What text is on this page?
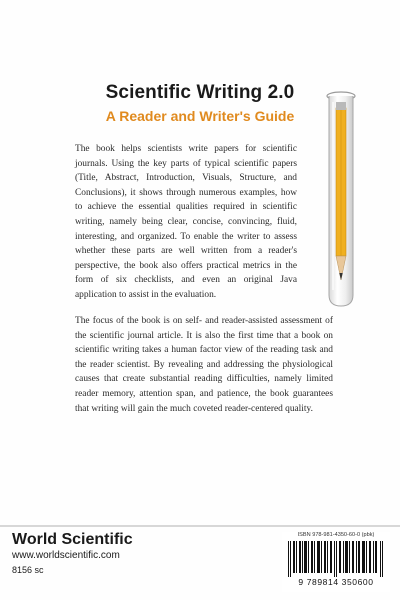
Scientific Writing 2.0
A Reader and Writer's Guide
The book helps scientists write papers for scientific journals. Using the key parts of typical scientific papers (Title, Abstract, Introduction, Visuals, Structure, and Conclusions), it shows through numerous examples, how to achieve the essential qualities required in scientific writing, namely being clear, concise, convincing, fluid, interesting, and organized. To enable the writer to assess whether these parts are well written from a reader's perspective, the book also offers practical metrics in the form of six checklists, and even an original Java application to assist in the evaluation.
The focus of the book is on self- and reader-assisted assessment of the scientific journal article. It is also the first time that a book on scientific writing takes a human factor view of the reading task and the reader scientist. By revealing and addressing the physiological causes that create substantial reading difficulties, namely limited reader memory, attention span, and patience, the book guarantees that writing will gain the much coveted reader-centered quality.
World Scientific
www.worldscientific.com
8156 sc
ISBN 978-981-4350-60-0 (pbk)
9 789814 350600
